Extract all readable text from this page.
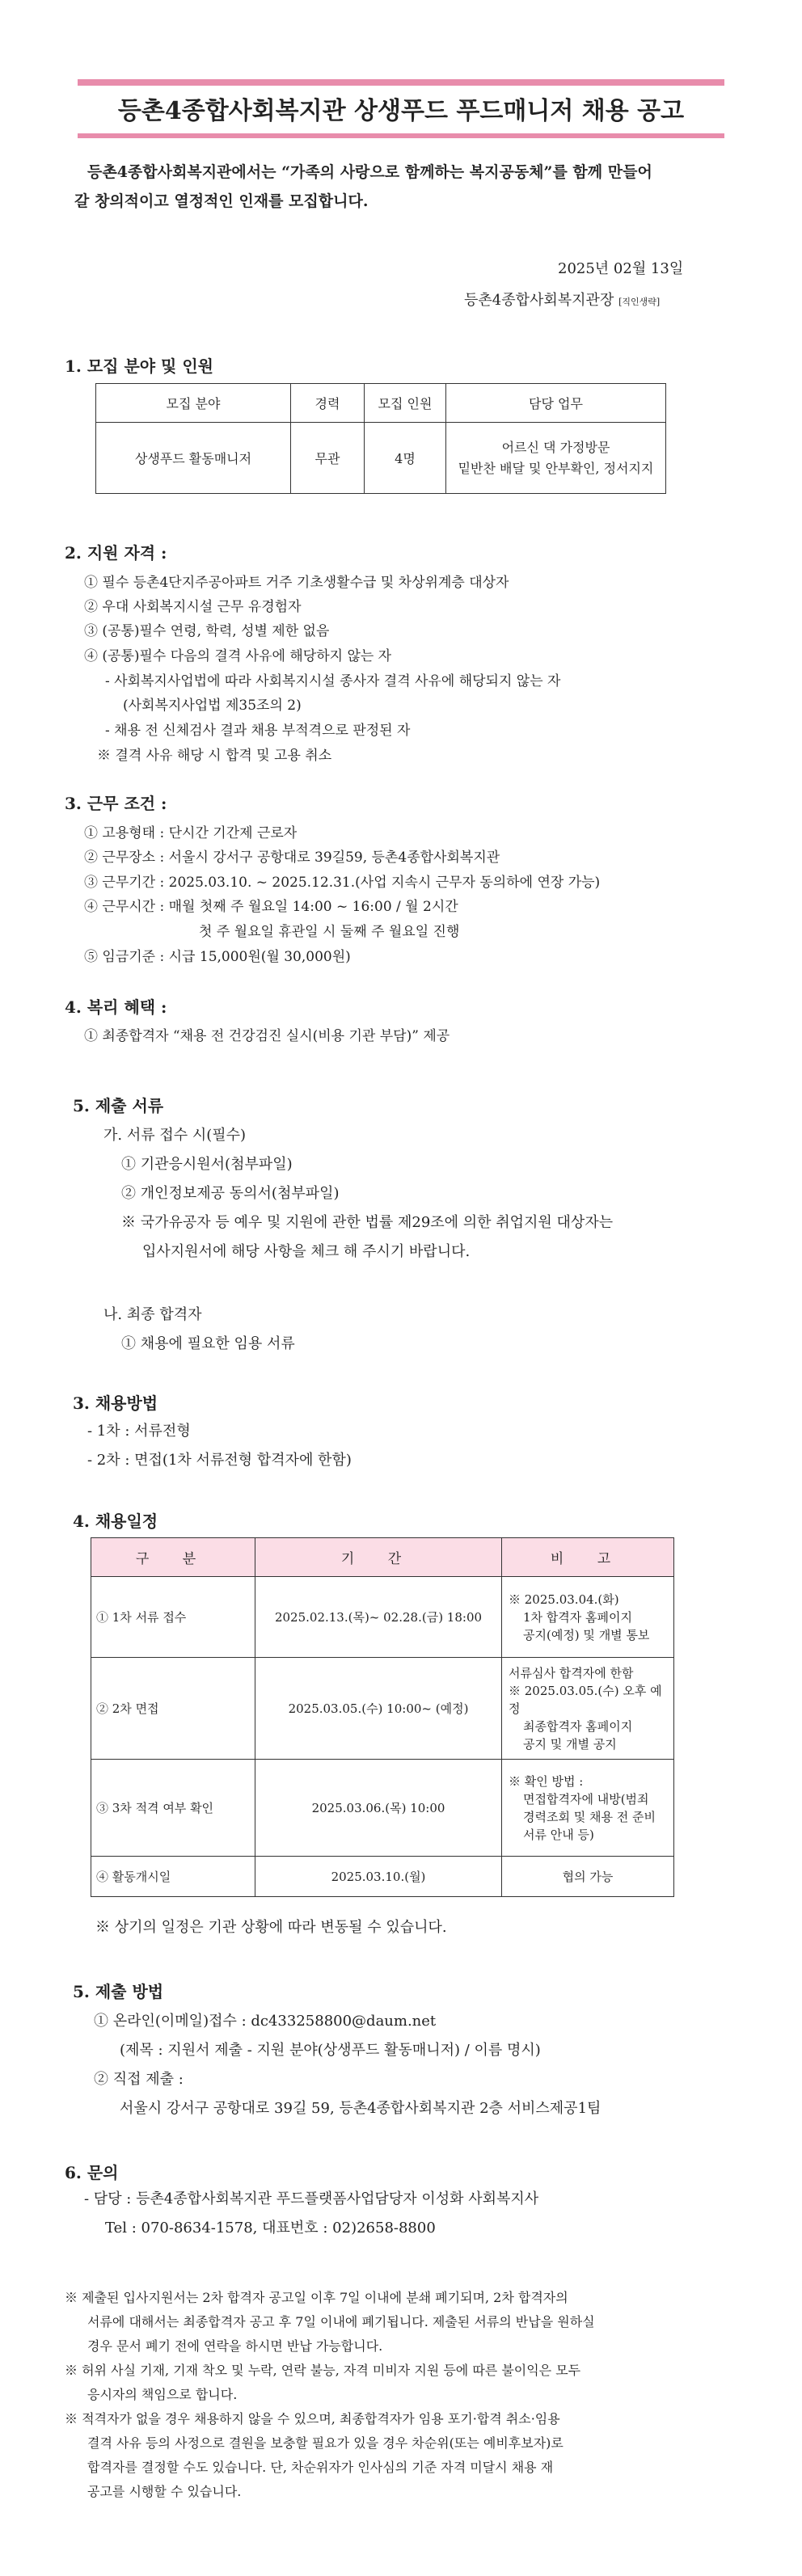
등촌4종합사회복지관 상생푸드 푸드매니저 채용 공고
등촌4종합사회복지관에서는 “가족의 사랑으로 함께하는 복지공동체”를 함께 만들어
갈 창의적이고 열정적인 인재를 모집합니다.
2025년 02월 13일
등촌4종합사회복지관장 [직인생략]
1. 모집 분야 및 인원
모집 분야	경력	모집 인원	담당 업무
상생푸드 활동매니저	무관	4명	어르신 댁 가정방문
밑반찬 배달 및 안부확인, 정서지지
2. 지원 자격 :
① 필수 등촌4단지주공아파트 거주 기초생활수급 및 차상위계층 대상자
② 우대 사회복지시설 근무 유경험자
③ (공통)필수 연령, 학력, 성별 제한 없음
④ (공통)필수 다음의 결격 사유에 해당하지 않는 자
- 사회복지사업법에 따라 사회복지시설 종사자 결격 사유에 해당되지 않는 자
(사회복지사업법 제35조의 2)
- 채용 전 신체검사 결과 채용 부적격으로 판정된 자
※ 결격 사유 해당 시 합격 및 고용 취소
3. 근무 조건 :
① 고용형태 : 단시간 기간제 근로자
② 근무장소 : 서울시 강서구 공항대로 39길59, 등촌4종합사회복지관
③ 근무기간 : 2025.03.10. ~ 2025.12.31.(사업 지속시 근무자 동의하에 연장 가능)
④ 근무시간 : 매월 첫째 주 월요일 14:00 ~ 16:00 / 월 2시간
첫 주 월요일 휴관일 시 둘째 주 월요일 진행
⑤ 임금기준 : 시급 15,000원(월 30,000원)
4. 복리 혜택 :
① 최종합격자 “채용 전 건강검진 실시(비용 기관 부담)” 제공
5. 제출 서류
가. 서류 접수 시(필수)
① 기관응시원서(첨부파일)
② 개인정보제공 동의서(첨부파일)
※ 국가유공자 등 예우 및 지원에 관한 법률 제29조에 의한 취업지원 대상자는
입사지원서에 해당 사항을 체크 해 주시기 바랍니다.
나. 최종 합격자
① 채용에 필요한 임용 서류
3. 채용방법
- 1차 : 서류전형
- 2차 : 면접(1차 서류전형 합격자에 한함)
4. 채용일정
구 분	기 간	비 고
① 1차 서류 접수	2025.02.13.(목)~ 02.28.(금) 18:00	※ 2025.03.04.(화)
1차 합격자 홈페이지
공지(예정) 및 개별 통보

② 2차 면접	2025.03.05.(수) 10:00~ (예정)	서류심사 합격자에 한함
※ 2025.03.05.(수) 오후 예정
최종합격자 홈페이지
공지 및 개별 공지

③ 3차 적격 여부 확인	2025.03.06.(목) 10:00	※ 확인 방법 :
면접합격자에 내방(범죄
경력조회 및 채용 전 준비
서류 안내 등)

④ 활동개시일	2025.03.10.(월)	협의 가능
※ 상기의 일정은 기관 상황에 따라 변동될 수 있습니다.
5. 제출 방법
① 온라인(이메일)접수 : dc433258800@daum.net
(제목 : 지원서 제출 - 지원 분야(상생푸드 활동매니저) / 이름 명시)
② 직접 제출 :
서울시 강서구 공항대로 39길 59, 등촌4종합사회복지관 2층 서비스제공1팀
6. 문의
- 담당 : 등촌4종합사회복지관 푸드플랫폼사업담당자 이성화 사회복지사
Tel : 070-8634-1578, 대표번호 : 02)2658-8800
※ 제출된 입사지원서는 2차 합격자 공고일 이후 7일 이내에 분쇄 폐기되며, 2차 합격자의
서류에 대해서는 최종합격자 공고 후 7일 이내에 폐기됩니다. 제출된 서류의 반납을 원하실
경우 문서 폐기 전에 연락을 하시면 반납 가능합니다.
※ 허위 사실 기재, 기재 착오 및 누락, 연락 불능, 자격 미비자 지원 등에 따른 불이익은 모두
응시자의 책임으로 합니다.
※ 적격자가 없을 경우 채용하지 않을 수 있으며, 최종합격자가 임용 포기·합격 취소·임용
결격 사유 등의 사정으로 결원을 보충할 필요가 있을 경우 차순위(또는 예비후보자)로
합격자를 결정할 수도 있습니다. 단, 차순위자가 인사심의 기준 자격 미달시 채용 재
공고를 시행할 수 있습니다.
